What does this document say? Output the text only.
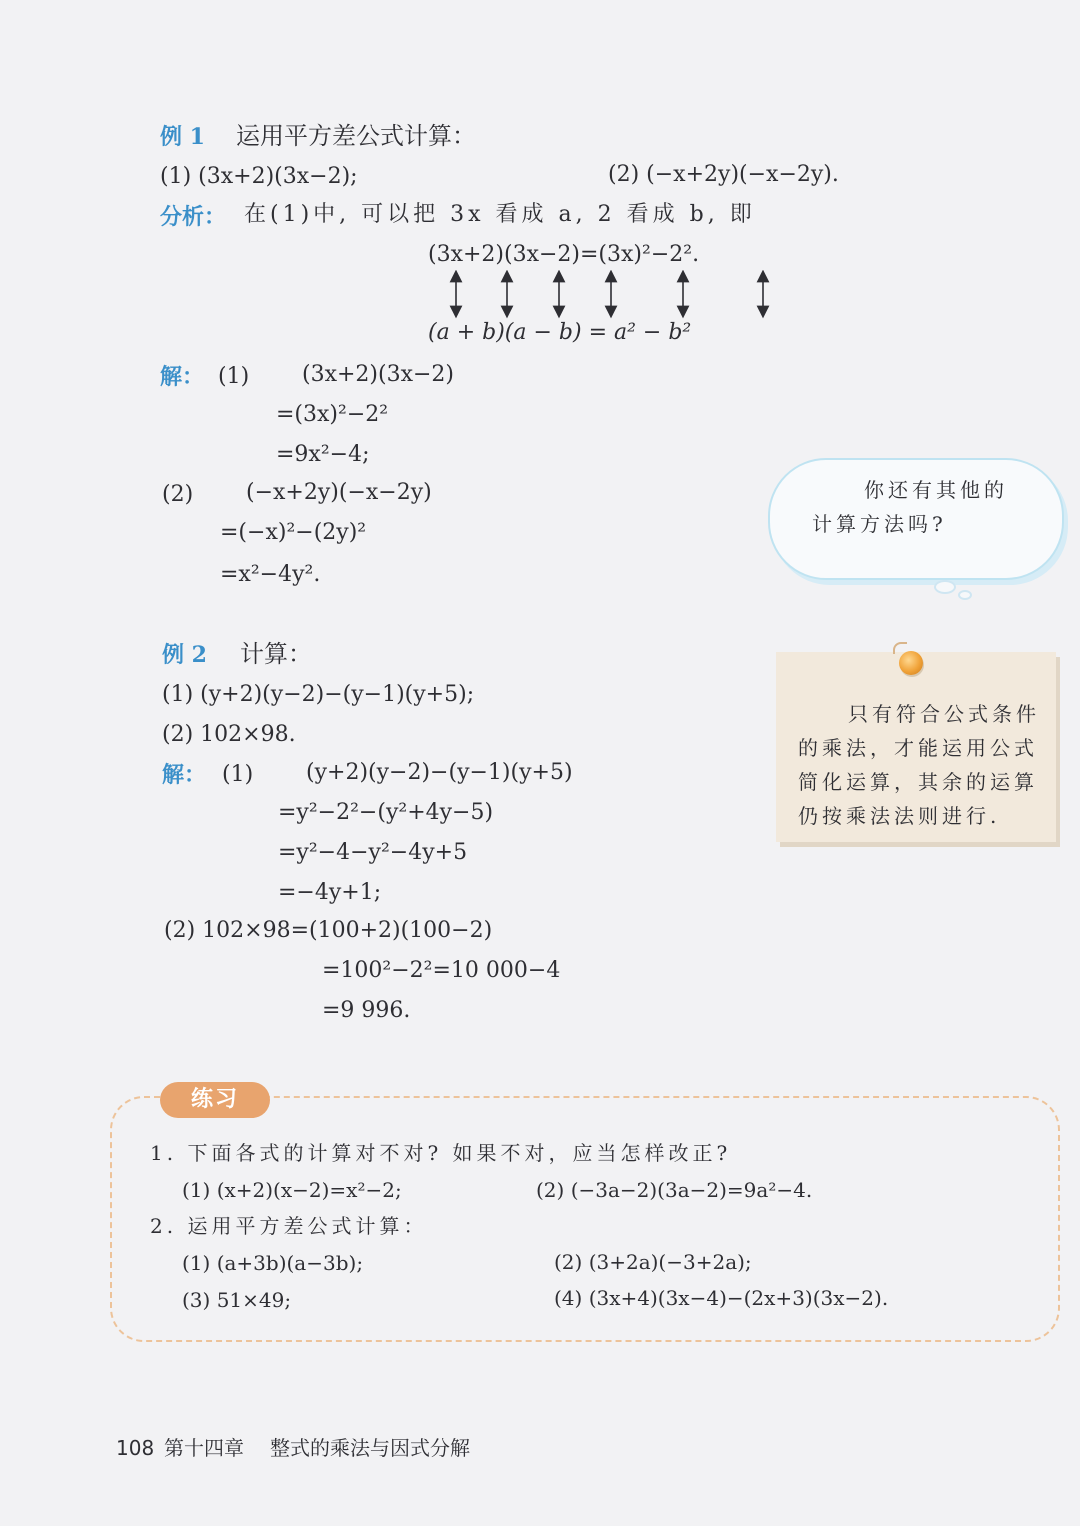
例 1 运用平方差公式计算：
(1) (3x+2)(3x−2);	(2) (−x+2y)(−x−2y).
分析： 在(1)中, 可以把 3x 看成 a, 2 看成 b, 即
(3x+2)(3x−2)=(3x)²−2².
(a + b)(a − b) = a² − b²
解： (1) (3x+2)(3x−2)
=(3x)²−2²
=9x²−4;
(2) (−x+2y)(−x−2y)
=(−x)²−(2y)²
=x²−4y².
你还有其他的
计算方法吗?
例 2 计算：
(1) (y+2)(y−2)−(y−1)(y+5);
(2) 102×98.
解： (1) (y+2)(y−2)−(y−1)(y+5)
=y²−2²−(y²+4y−5)
=y²−4−y²−4y+5
=−4y+1;
(2) 102×98=(100+2)(100−2)
=100²−2²=10 000−4
=9 996.
只有符合公式条件
的乘法，才能运用公式
简化运算，其余的运算
仍按乘法法则进行.
练习
1. 下面各式的计算对不对? 如果不对，应当怎样改正?
(1) (x+2)(x−2)=x²−2;	(2) (−3a−2)(3a−2)=9a²−4.
2. 运用平方差公式计算：
(1) (a+3b)(a−3b);	(2) (3+2a)(−3+2a);
(3) 51×49;	(4) (3x+4)(3x−4)−(2x+3)(3x−2).
108 第十四章 整式的乘法与因式分解
